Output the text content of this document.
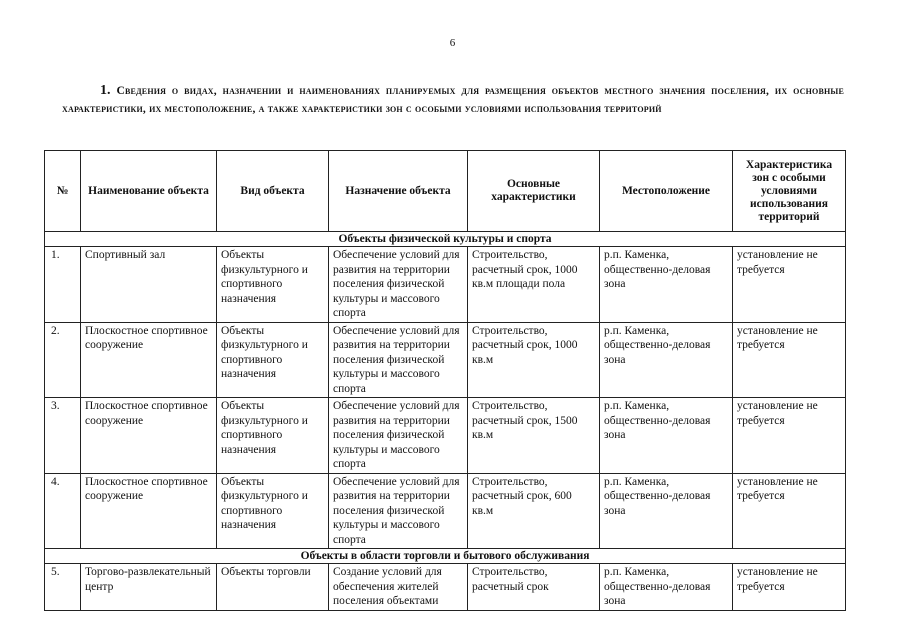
6
1. Сведения о видах, назначении и наименованиях планируемых для размещения объектов местного значения поселения, их основные характеристики, их местоположение, а также характеристики зон с особыми условиями использования территорий
№	Наименование объекта	Вид объекта	Назначение объекта	Основные характеристики	Местоположение	Характеристика зон с особыми условиями использования территорий
Объекты физической культуры и спорта						
1.	Спортивный зал	Объекты физкультурного и спортивного назначения	Обеспечение условий для развития на территории поселения физической культуры и массового спорта	Строительство, расчетный срок, 1000 кв.м площади пола	р.п. Каменка, общественно-деловая зона	установление не требуется
2.	Плоскостное спортивное сооружение	Объекты физкультурного и спортивного назначения	Обеспечение условий для развития на территории поселения физической культуры и массового спорта	Строительство, расчетный срок, 1000 кв.м	р.п. Каменка, общественно-деловая зона	установление не требуется
3.	Плоскостное спортивное сооружение	Объекты физкультурного и спортивного назначения	Обеспечение условий для развития на территории поселения физической культуры и массового спорта	Строительство, расчетный срок, 1500 кв.м	р.п. Каменка, общественно-деловая зона	установление не требуется
4.	Плоскостное спортивное сооружение	Объекты физкультурного и спортивного назначения	Обеспечение условий для развития на территории поселения физической культуры и массового спорта	Строительство, расчетный срок, 600 кв.м	р.п. Каменка, общественно-деловая зона	установление не требуется
Объекты в области торговли и бытового обслуживания						
5.	Торгово-развлекательный центр	Объекты торговли	Создание условий для обеспечения жителей поселения объектами	Строительство, расчетный срок	р.п. Каменка, общественно-деловая зона	установление не требуется
